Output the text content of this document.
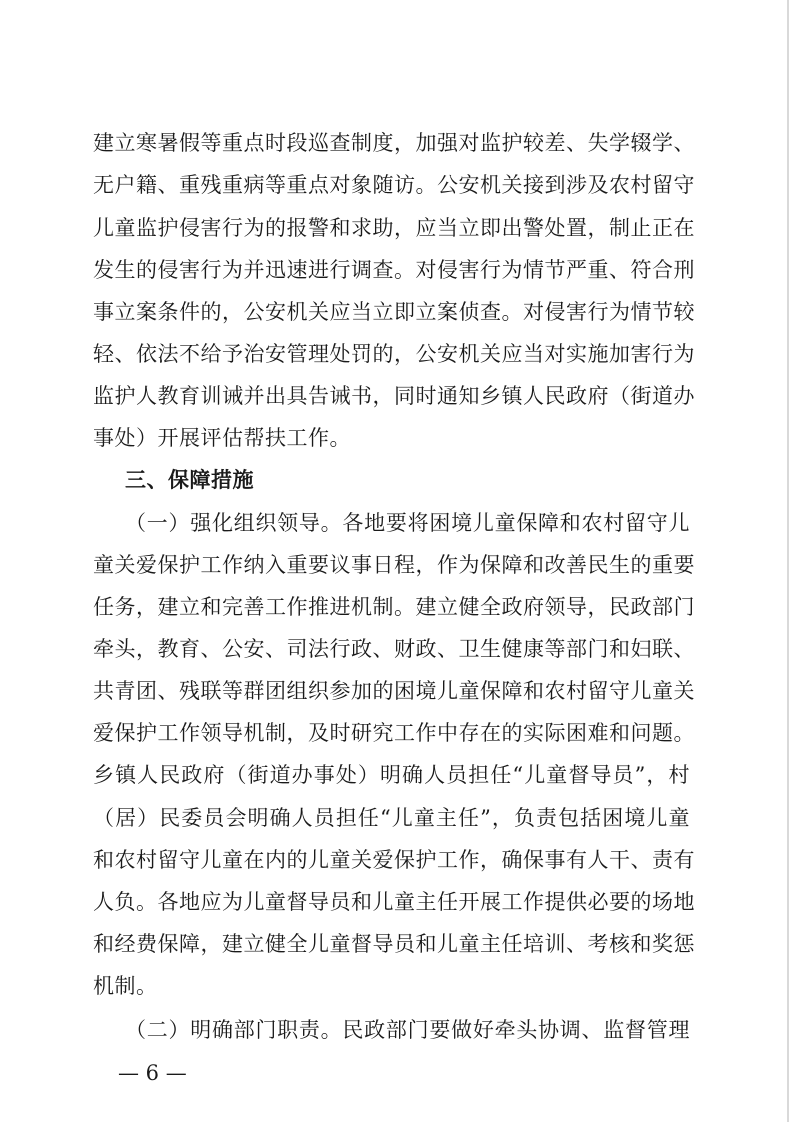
建立寒暑假等重点时段巡查制度，加强对监护较差、失学辍学、
无户籍、重残重病等重点对象随访。公安机关接到涉及农村留守
儿童监护侵害行为的报警和求助，应当立即出警处置，制止正在
发生的侵害行为并迅速进行调查。对侵害行为情节严重、符合刑
事立案条件的，公安机关应当立即立案侦查。对侵害行为情节较
轻、依法不给予治安管理处罚的，公安机关应当对实施加害行为
监护人教育训诫并出具告诫书，同时通知乡镇人民政府（街道办
事处）开展评估帮扶工作。
三、保障措施
（一）强化组织领导。各地要将困境儿童保障和农村留守儿
童关爱保护工作纳入重要议事日程，作为保障和改善民生的重要
任务，建立和完善工作推进机制。建立健全政府领导，民政部门
牵头，教育、公安、司法行政、财政、卫生健康等部门和妇联、
共青团、残联等群团组织参加的困境儿童保障和农村留守儿童关
爱保护工作领导机制，及时研究工作中存在的实际困难和问题。
乡镇人民政府（街道办事处）明确人员担任“儿童督导员”，村
（居）民委员会明确人员担任“儿童主任”，负责包括困境儿童
和农村留守儿童在内的儿童关爱保护工作，确保事有人干、责有
人负。各地应为儿童督导员和儿童主任开展工作提供必要的场地
和经费保障，建立健全儿童督导员和儿童主任培训、考核和奖惩
机制。
（二）明确部门职责。民政部门要做好牵头协调、监督管理
— 6 —
